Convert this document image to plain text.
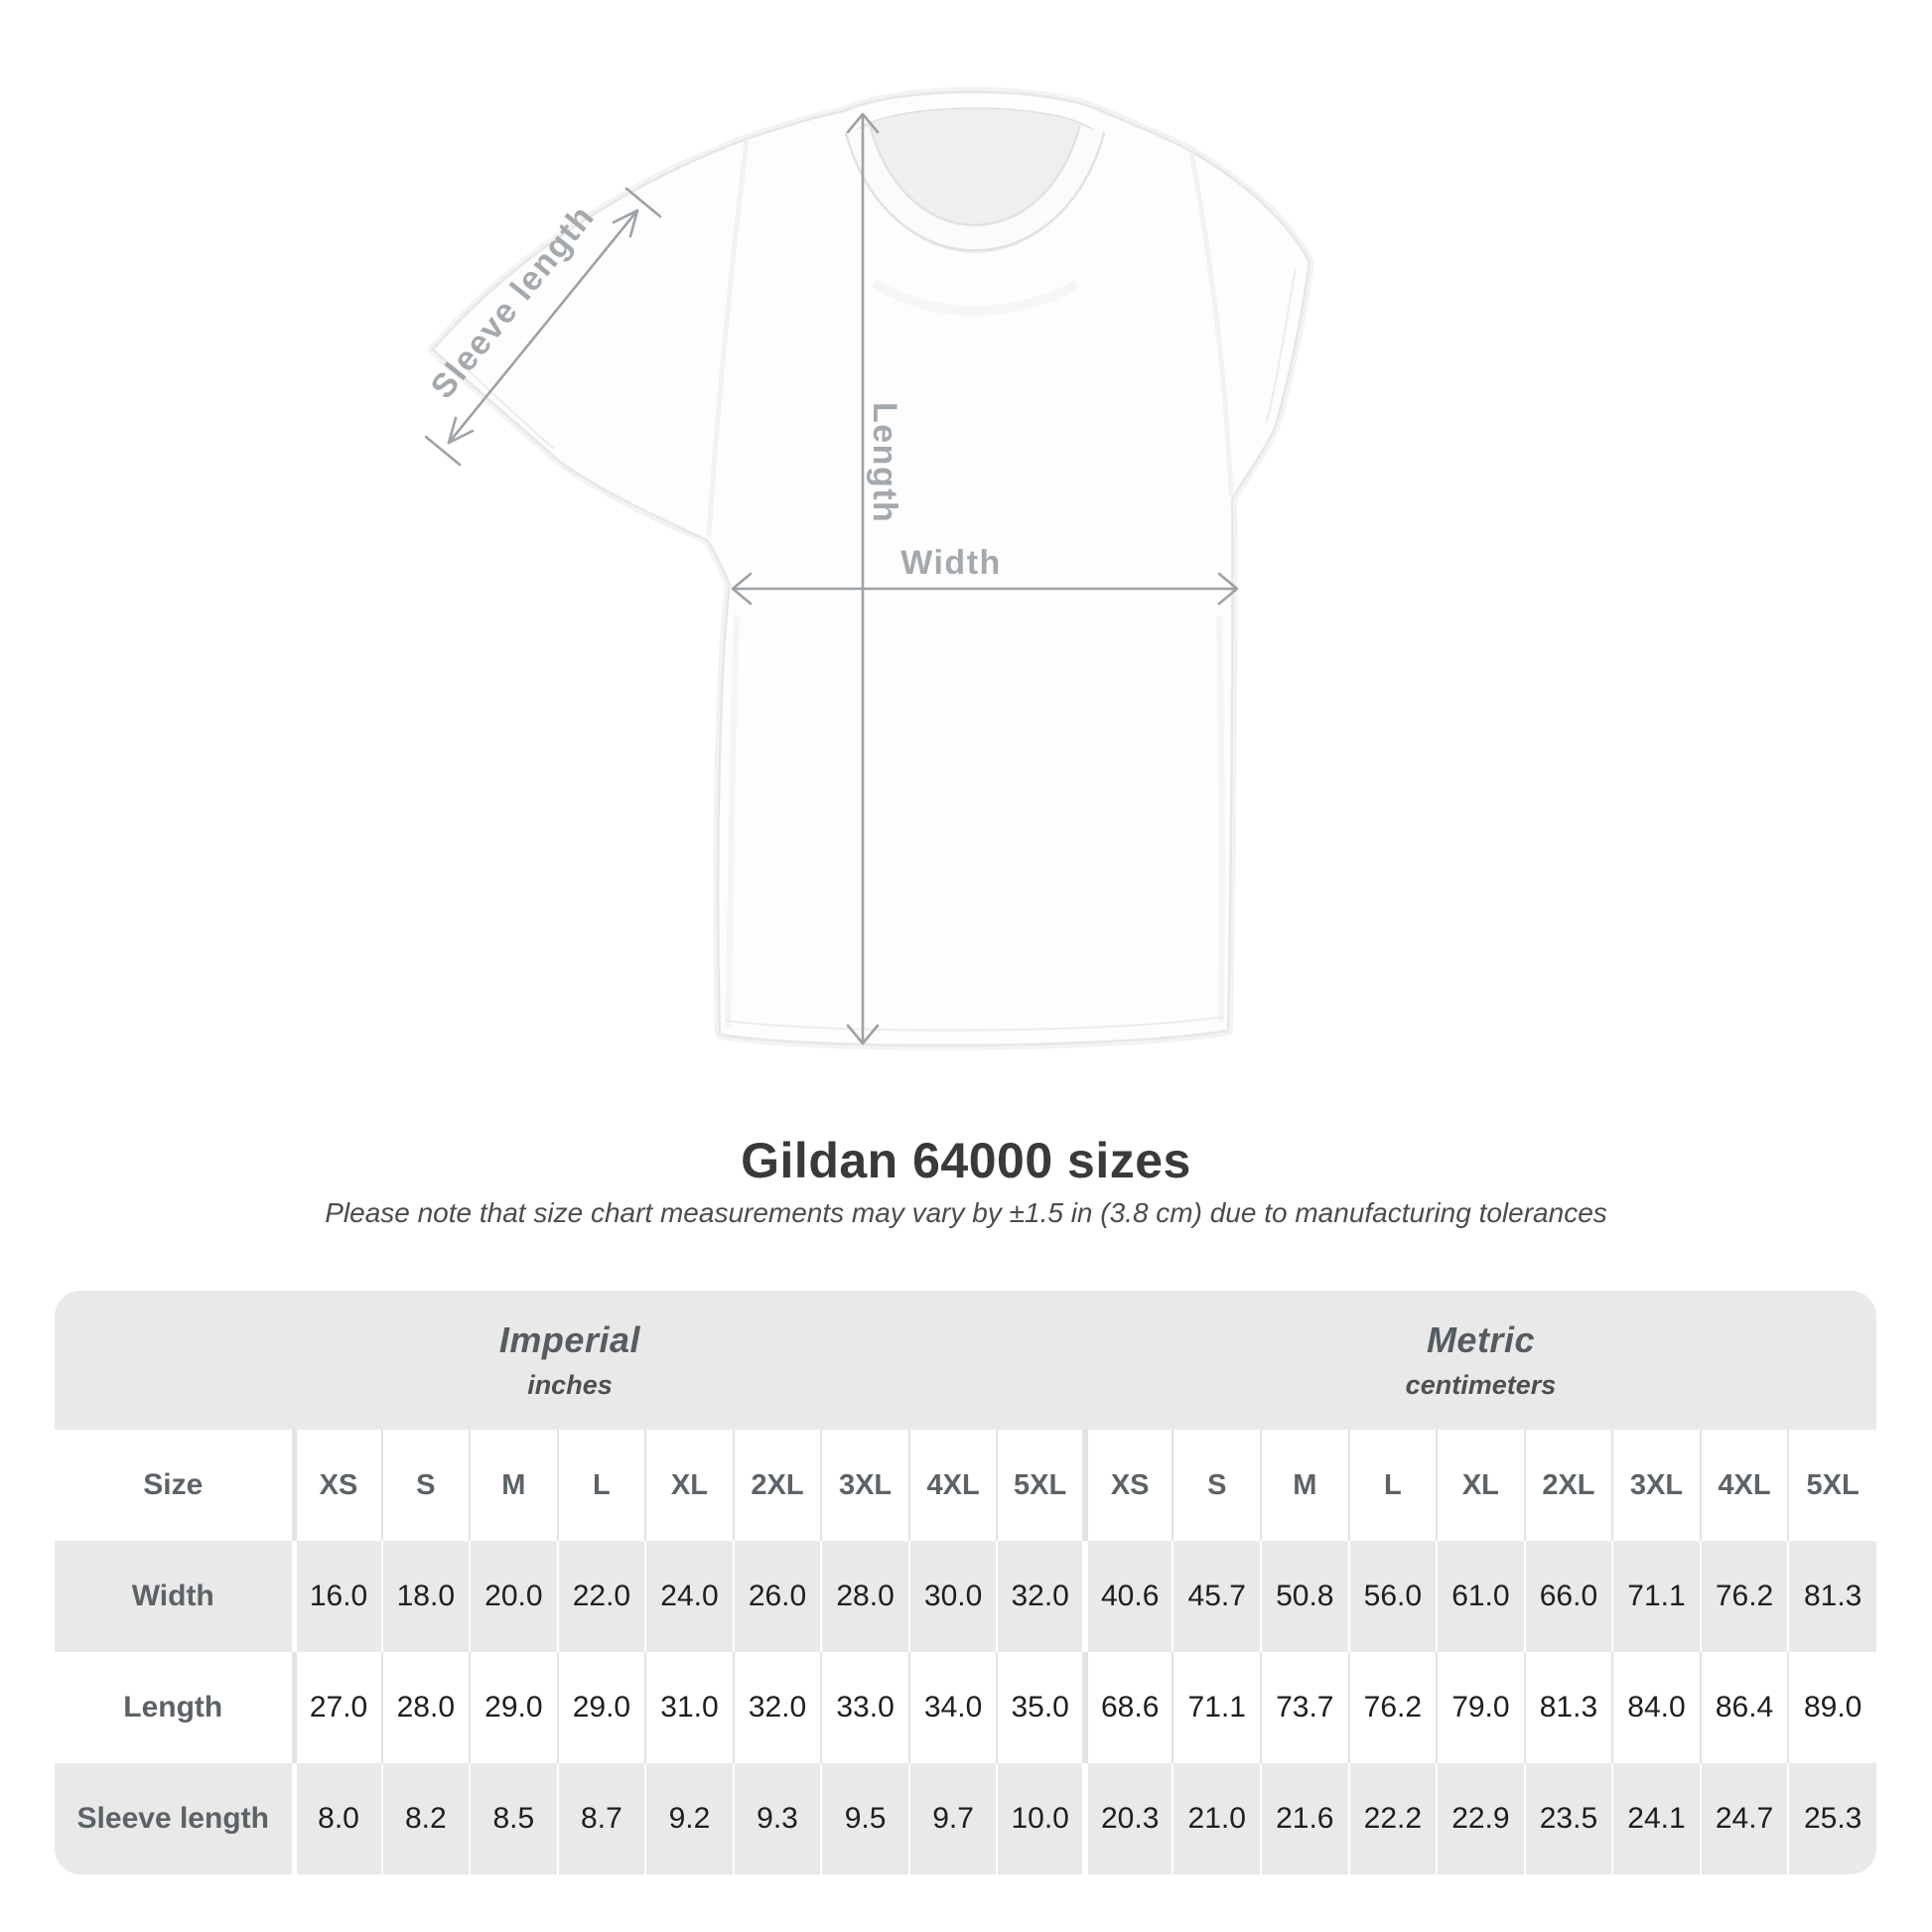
Length
Width
Sleeve length
Gildan 64000 sizes
Please note that size chart measurements may vary by ±1.5 in (3.8 cm) due to manufacturing tolerances
Imperial
inches

Metric
centimeters

Size	XS	S	M	L	XL	2XL	3XL	4XL	5XL	XS	S	M	L	XL	2XL	3XL	4XL	5XL
Width	16.0	18.0	20.0	22.0	24.0	26.0	28.0	30.0	32.0	40.6	45.7	50.8	56.0	61.0	66.0	71.1	76.2	81.3
Length	27.0	28.0	29.0	29.0	31.0	32.0	33.0	34.0	35.0	68.6	71.1	73.7	76.2	79.0	81.3	84.0	86.4	89.0
Sleeve length	8.0	8.2	8.5	8.7	9.2	9.3	9.5	9.7	10.0	20.3	21.0	21.6	22.2	22.9	23.5	24.1	24.7	25.3
